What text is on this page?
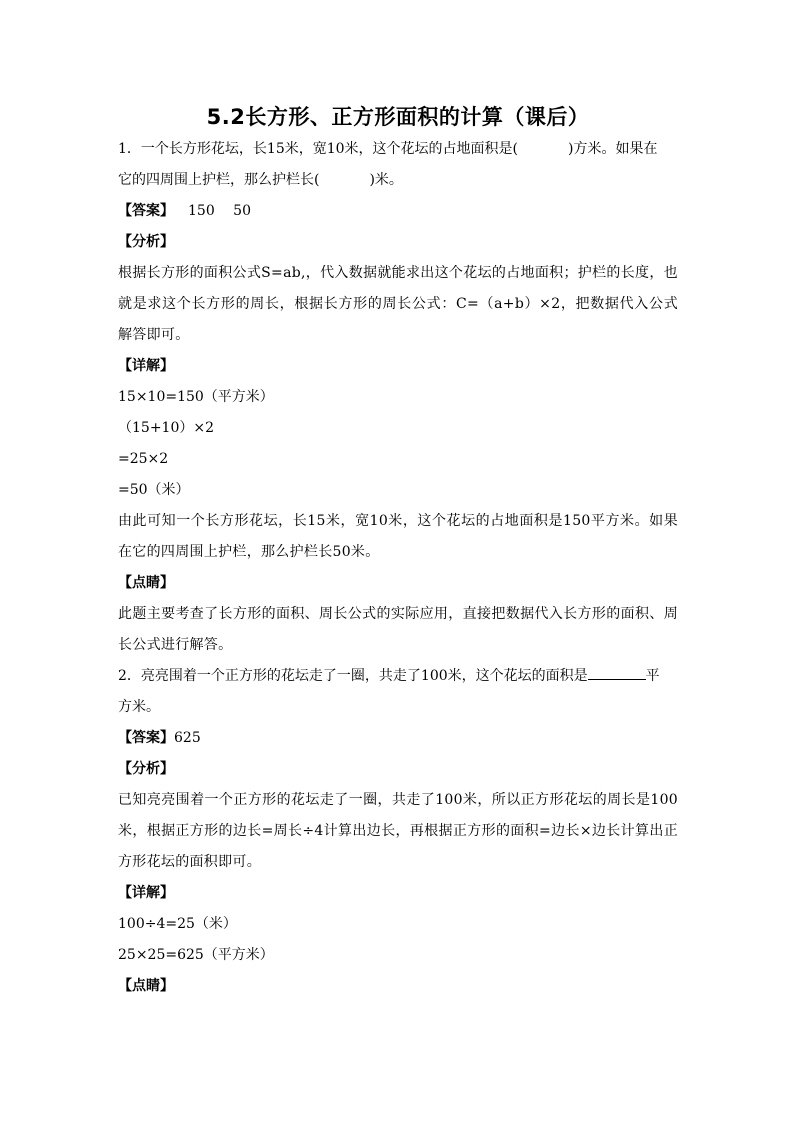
5.2长方形、正方形面积的计算（课后）
1．一个长方形花坛，长15米，宽10米，这个花坛的占地面积是(	)方米。如果在
它的四周围上护栏，那么护栏长(	)米。
【答案】 150　 50
【分析】
根据长方形的面积公式S=ab,，代入数据就能求出这个花坛的占地面积；护栏的长度，也就是求这个长方形的周长，根据长方形的周长公式：C=（a+b）×2，把数据代入公式解答即可。
【详解】
15×10=150（平方米）
（15+10）×2
=25×2
=50（米）
由此可知一个长方形花坛，长15米，宽10米，这个花坛的占地面积是150平方米。如果在它的四周围上护栏，那么护栏长50米。
【点睛】
此题主要考查了长方形的面积、周长公式的实际应用，直接把数据代入长方形的面积、周长公式进行解答。
2．亮亮围着一个正方形的花坛走了一圈，共走了100米，这个花坛的面积是	平
方米。
【答案】625
【分析】
已知亮亮围着一个正方形的花坛走了一圈，共走了100米，所以正方形花坛的周长是100米，根据正方形的边长=周长÷4计算出边长，再根据正方形的面积=边长×边长计算出正方形花坛的面积即可。
【详解】
100÷4=25（米）
25×25=625（平方米）
【点睛】
